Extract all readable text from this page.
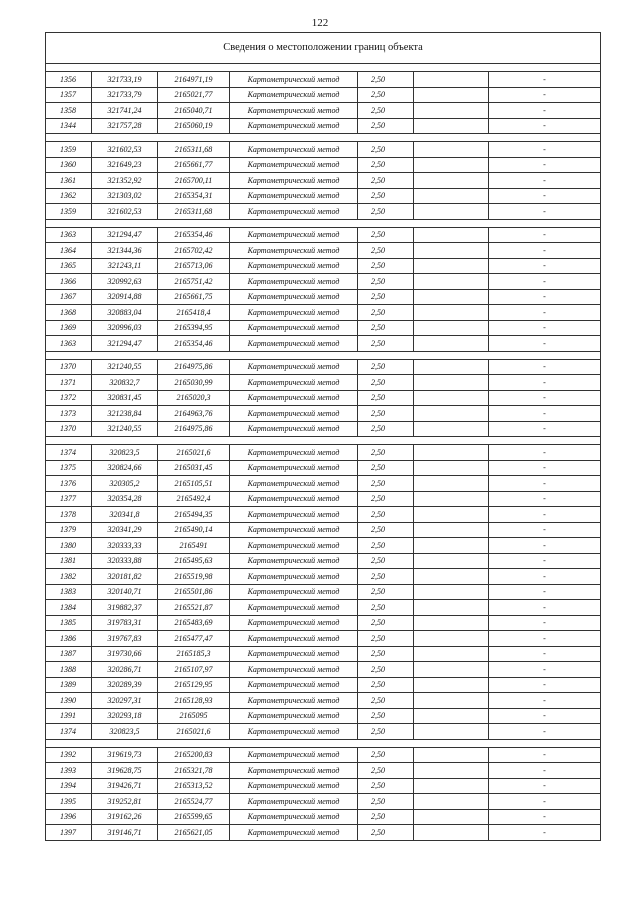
122
Сведения о местоположении границ объекта						

1356	321733,19	2164971,19	Картометрический метод	2,50		-
1357	321733,79	2165021,77	Картометрический метод	2,50		-
1358	321741,24	2165040,71	Картометрический метод	2,50		-
1344	321757,28	2165060,19	Картометрический метод	2,50		-

1359	321602,53	2165311,68	Картометрический метод	2,50		-
1360	321649,23	2165661,77	Картометрический метод	2,50		-
1361	321352,92	2165700,11	Картометрический метод	2,50		-
1362	321303,02	2165354,31	Картометрический метод	2,50		-
1359	321602,53	2165311,68	Картометрический метод	2,50		-

1363	321294,47	2165354,46	Картометрический метод	2,50		-
1364	321344,36	2165702,42	Картометрический метод	2,50		-
1365	321243,11	2165713,06	Картометрический метод	2,50		-
1366	320992,63	2165751,42	Картометрический метод	2,50		-
1367	320914,88	2165661,75	Картометрический метод	2,50		-
1368	320883,04	2165418,4	Картометрический метод	2,50		-
1369	320996,03	2165394,95	Картометрический метод	2,50		-
1363	321294,47	2165354,46	Картометрический метод	2,50		-

1370	321240,55	2164975,86	Картометрический метод	2,50		-
1371	320832,7	2165030,99	Картометрический метод	2,50		-
1372	320831,45	2165020,3	Картометрический метод	2,50		-
1373	321238,84	2164963,76	Картометрический метод	2,50		-
1370	321240,55	2164975,86	Картометрический метод	2,50		-

1374	320823,5	2165021,6	Картометрический метод	2,50		-
1375	320824,66	2165031,45	Картометрический метод	2,50		-
1376	320305,2	2165105,51	Картометрический метод	2,50		-
1377	320354,28	2165492,4	Картометрический метод	2,50		-
1378	320341,8	2165494,35	Картометрический метод	2,50		-
1379	320341,29	2165490,14	Картометрический метод	2,50		-
1380	320333,33	2165491	Картометрический метод	2,50		-
1381	320333,88	2165495,63	Картометрический метод	2,50		-
1382	320181,82	2165519,98	Картометрический метод	2,50		-
1383	320140,71	2165501,86	Картометрический метод	2,50		-
1384	319882,37	2165521,87	Картометрический метод	2,50		-
1385	319783,31	2165483,69	Картометрический метод	2,50		-
1386	319767,83	2165477,47	Картометрический метод	2,50		-
1387	319730,66	2165185,3	Картометрический метод	2,50		-
1388	320286,71	2165107,97	Картометрический метод	2,50		-
1389	320289,39	2165129,95	Картометрический метод	2,50		-
1390	320297,31	2165128,93	Картометрический метод	2,50		-
1391	320293,18	2165095	Картометрический метод	2,50		-
1374	320823,5	2165021,6	Картометрический метод	2,50		-

1392	319619,73	2165200,83	Картометрический метод	2,50		-
1393	319628,75	2165321,78	Картометрический метод	2,50		-
1394	319426,71	2165313,52	Картометрический метод	2,50		-
1395	319252,81	2165524,77	Картометрический метод	2,50		-
1396	319162,26	2165599,65	Картометрический метод	2,50		-
1397	319146,71	2165621,05	Картометрический метод	2,50		-
